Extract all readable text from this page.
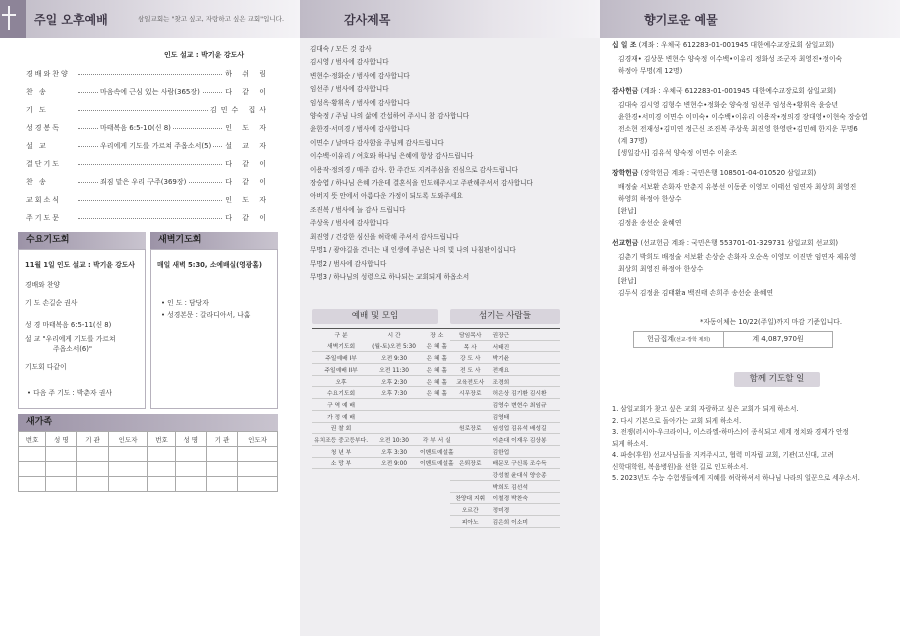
주일 오후예배	삼일교회는 "찾고 싶고, 자랑하고 싶은 교회"입니다.
인도 설교 : 박기윤 강도사
경배와찬양	하 쉬 림
찬 송	마음속에 근심 있는 사람(365장)	다 같 이
기 도	김민수 집사
성경봉독	마태복음 6:5-10(신 8)	인 도 자
설 교	우리에게 기도를 가르쳐 주옵소서(5) 설 교 자
결단기도	다 같 이
찬 송	죄짐 맡은 우리 구주(369장)	다 같 이
교회소식	인 도 자
주기도문	다 같 이
수요기도회	새벽기도회
11월 1일 인도 설교 : 박기윤 강도사
경배와 찬양
기 도 손길순 권사
성 경 마태복음 6:5-11(신 8)
설 교 "우리에게 기도를 가르쳐
주옵소서(6)"
기도회 다같이
• 다음 주 기도 : 박춘자 권사
매일 새벽 5:30, 소예배실(영광홀)
• 인 도 : 담당자
• 성경본문 : 갈라디아서, 나훔
새가족
번호	성 명	기 관	인도자	번호	성 명	기 관	인도자

감사제목
김대숙 / 모든 것 감사
김시영 / 범사에 감사합니다
변현수·정화순 / 범사에 감사합니다
임선주 / 범사에 감사합니다
임성옥·황휘옥 / 범사에 감사합니다
양숙정 / 주님 나의 삶에 간섭하여 주시니 참 감사합니다
윤한경·서미경 / 범사에 감사합니다
이면수 / 날마다 감사함을 주님께 감사드립니다
이수백·이유리 / 여호와 하나님 은혜에 항상 감사드립니다
이용작·정의경 / 매주 감사. 한 주간도 지켜주심을 진심으로 감사드립니다
장승엽 / 하나님 은혜 가운데 결혼식을 인도해주시고 주관해주셔서 감사합니다
아버지 뜻 안에서 아름다운 가정이 되도록 도와주세요
조진복 / 범사에 늘 감사 드립니다
주상욱 / 범사에 감사합니다
최진영 / 건강한 심신을 허락해 주셔서 감사드립니다
무명1 / 광야길을 건너는 내 인생에 주님은 나의 빛 나의 나침판이십니다
무명2 / 범사에 감사합니다
무명3 / 하나님의 성령으로 하나되는 교회되게 하옵소서
예배 및 모임
구 분	시 간	장 소
새벽기도회	(월-토)오전 5:30	은 혜 홀
주일예배 I부	오전 9:30	은 혜 홀
주일예배 II부	오전 11:30	은 혜 홀
오후	오후 2:30	은 혜 홀
수요기도회	오후 7:30	은 혜 홀
구 역 예 배		
가 정 예 배		
권 찰 회		
유치조등 중고등부다.	오전 10:30	각 부 서 실
청 년 부	오후 3:30	이벤트예설홀
소 망 부	오전 9:00	이벤트예설홀
섬기는 사람들
담임목사	권장근
목 사	서태진
강 도 사	박기윤
전 도 사	전재요
교육전도사	조경희
시무장로	허은상 김기환 김시환
	김영수 변현수 최임규
	김영태
원로장로	임성업 김유석 배성길
	이춘대 이재우 김상봉
	김한업
은퇴장로	배문모 구신록 조수득
	강성철 윤대식 양승종
	박희도 김선석
찬양대 지휘	이철경 박찬숙
오르간	정미경
피아노	김은희 이소미
향기로운 예물
십 일 조 (계좌 : 우체국 612283-01-001945 대한예수교장로회 삼일교회)
김경재• 김상문 변현수 양숙정 이수백•이유리 정화성 조군자 최영진•정이숙
하정아 무명(계 12명)
감사헌금 (계좌 : 우체국 612283-01-001945 대한예수교장로회 삼일교회)
김대숙 김시영 김형수 변현수•정화순 양숙정 임선주 임성옥•황휘옥 윤승년
윤한경•서미경 이면수 이미숙• 이수백•이유리 이용작•정의경 장대영•이현숙 장승엽
전소현 전재성•김미연 정근신 조진복 주상욱 최진영 한영란•김민혜 한지운 무명6
(계 37명)
[생일감사] 김유석 양숙정 이면수 이윤조
장학헌금 (장학헌금 계좌 : 국민은행 108501-04-010520 삼일교회)
배정술 서보환 손화자 안춘지 유봉선 이동준 이영모 이태선 임연자 최상희 최영진
하영희 하정아 한상수
[완납]
김정윤 송선순 윤혜연
선교헌금 (선교헌금 계좌 : 국민은행 553701-01-329731 삼일교회 선교회)
김춘기 박희도 배정술 서보환 손상순 손화자 오순옥 이영모 이진만 임연자 제유영
최상희 최영진 하정아 한상수
[완납]
김두식 김정윤 김태환a 백진태 손희주 송선순 윤혜연
*자동이체는 10/22(주일)까지 마감 기준입니다.
헌금집계(선교·장학 제외)	계 4,087,970원
함께 기도할 일
1. 삼일교회가 찾고 싶은 교회 자랑하고 싶은 교회가 되게 하소서.
2. 다시 기본으로 돌아가는 교회 되게 하소서.
3. 전쟁(러시아-우크라이나, 이스라엘-하마스)이 종식되고 세계 정치와 경제가 안정
되게 하소서.
4. 파송(후원) 선교사님들을 지켜주시고, 협력 미자립 교회, 기관(고신대, 고려
신학대학원, 복음병원)을 선한 길로 인도하소서.
5. 2023년도 수능 수험생들에게 지혜를 허락하셔서 하나님 나라의 일꾼으로 세우소서.
